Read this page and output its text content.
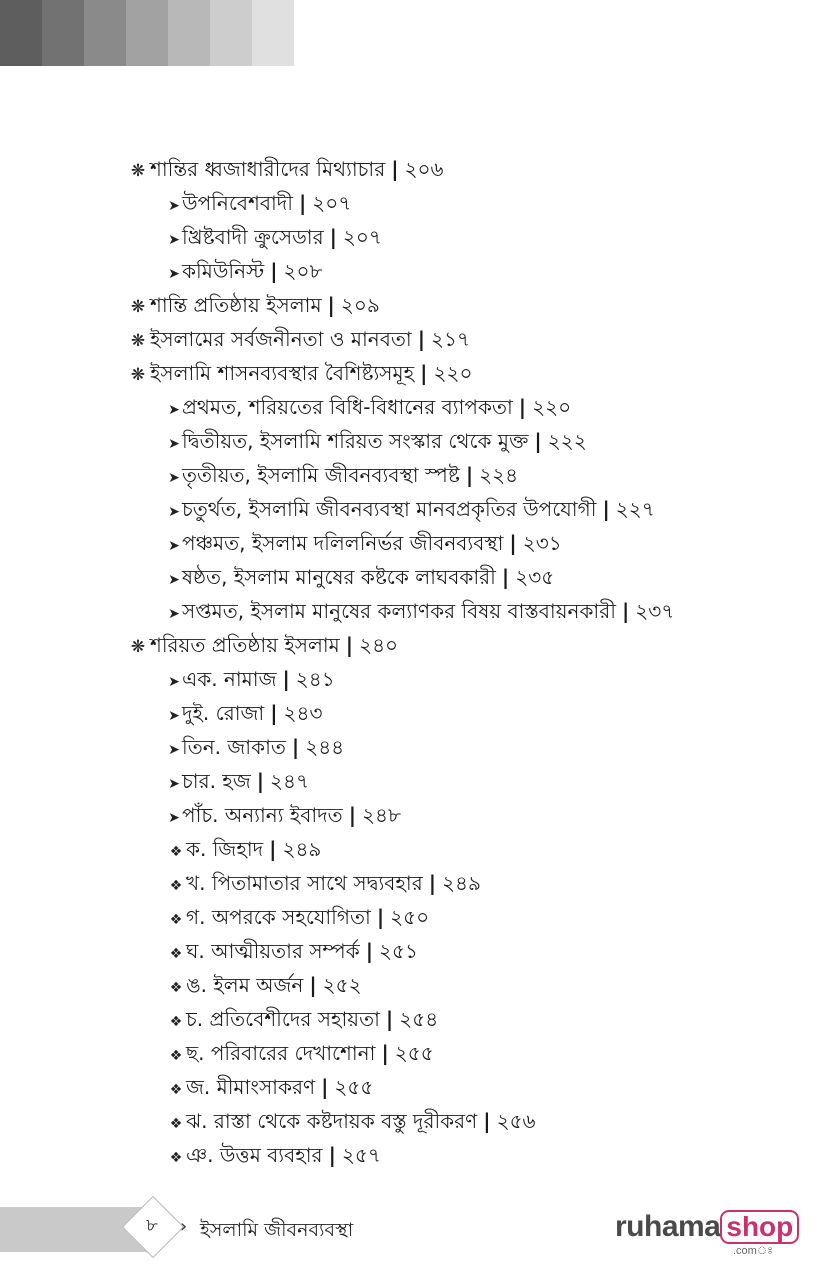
❋ শান্তির ধ্বজাধারীদের মিথ্যাচার | ২০৬
➤ উপনিবেশবাদী | ২০৭
➤ খ্রিষ্টবাদী ক্রুসেডার | ২০৭
➤ কমিউনিস্ট | ২০৮
❋ শান্তি প্রতিষ্ঠায় ইসলাম | ২০৯
❋ ইসলামের সর্বজনীনতা ও মানবতা | ২১৭
❋ ইসলামি শাসনব্যবস্থার বৈশিষ্ট্যসমূহ | ২২০
➤ প্রথমত, শরিয়তের বিধি-বিধানের ব্যাপকতা | ২২০
➤ দ্বিতীয়ত, ইসলামি শরিয়ত সংস্কার থেকে মুক্ত | ২২২
➤ তৃতীয়ত, ইসলামি জীবনব্যবস্থা স্পষ্ট | ২২৪
➤ চতুর্থত, ইসলামি জীবনব্যবস্থা মানবপ্রকৃতির উপযোগী | ২২৭
➤ পঞ্চমত, ইসলাম দলিলনির্ভর জীবনব্যবস্থা | ২৩১
➤ ষষ্ঠত, ইসলাম মানুষের কষ্টকে লাঘবকারী | ২৩৫
➤ সপ্তমত, ইসলাম মানুষের কল্যাণকর বিষয় বাস্তবায়নকারী | ২৩৭
❋ শরিয়ত প্রতিষ্ঠায় ইসলাম | ২৪০
➤ এক. নামাজ | ২৪১
➤ দুই. রোজা | ২৪৩
➤ তিন. জাকাত | ২৪৪
➤ চার. হজ | ২৪৭
➤ পাঁচ. অন্যান্য ইবাদত | ২৪৮
❖ ক. জিহাদ | ২৪৯
❖ খ. পিতামাতার সাথে সদ্ব্যবহার | ২৪৯
❖ গ. অপরকে সহযোগিতা | ২৫০
❖ ঘ. আত্মীয়তার সম্পর্ক | ২৫১
❖ ঙ. ইলম অর্জন | ২৫২
❖ চ. প্রতিবেশীদের সহায়তা | ২৫৪
❖ ছ. পরিবারের দেখাশোনা | ২৫৫
❖ জ. মীমাংসাকরণ | ২৫৫
❖ ঝ. রাস্তা থেকে কষ্টদায়ক বস্তু দূরীকরণ | ২৫৬
❖ ঞ. উত্তম ব্যবহার | ২৫৭
৮	› ইসলামি জীবনব্যবস্থা	ruhama shop
.comঃ
